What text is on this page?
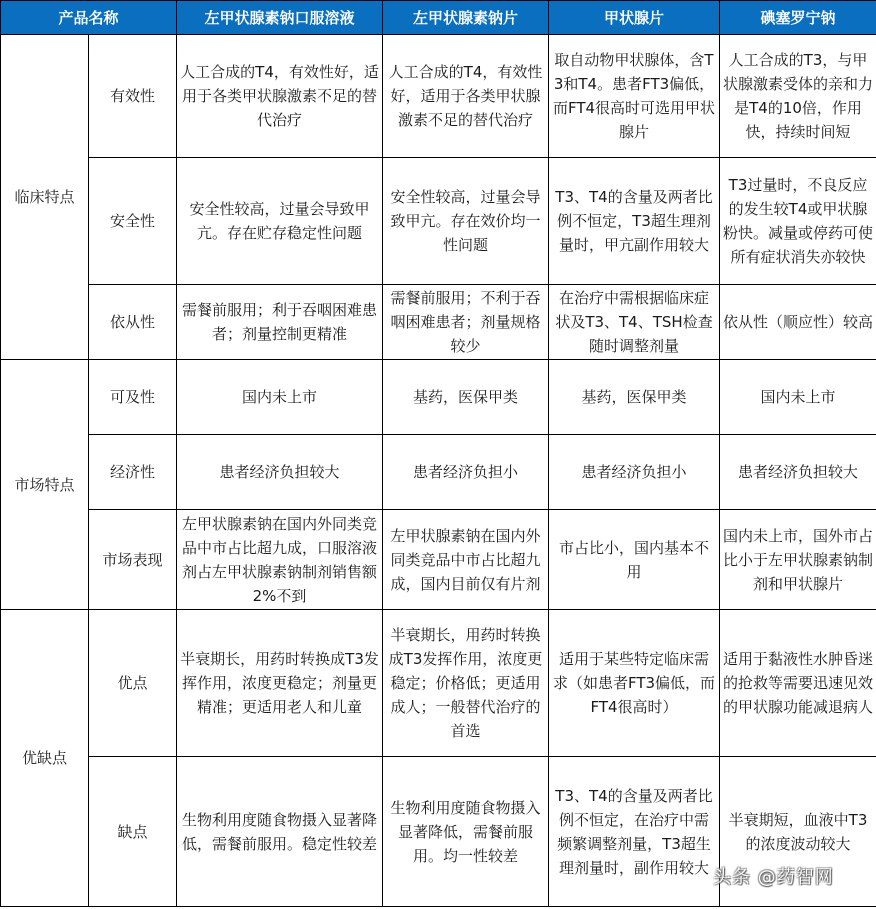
产品名称		左甲状腺素钠口服溶液	左甲状腺素钠片	甲状腺片	碘塞罗宁钠
临床特点	有效性	人工合成的T4，有效性好，适用于各类甲状腺激素不足的替代治疗	人工合成的T4，有效性好，适用于各类甲状腺激素不足的替代治疗	取自动物甲状腺体，含T3和T4。患者FT3偏低，而FT4很高时可选用甲状腺片	人工合成的T3，与甲状腺激素受体的亲和力是T4的10倍，作用快，持续时间短
	安全性	安全性较高，过量会导致甲亢。存在贮存稳定性问题	安全性较高，过量会导致甲亢。存在效价均一性问题	T3、T4的含量及两者比例不恒定，T3超生理剂量时，甲亢副作用较大	T3过量时，不良反应的发生较T4或甲状腺粉快。减量或停药可使所有症状消失亦较快
	依从性	需餐前服用；利于吞咽困难患者；剂量控制更精准	需餐前服用；不利于吞咽困难患者；剂量规格较少	在治疗中需根据临床症状及T3、T4、TSH检查随时调整剂量	依从性（顺应性）较高
市场特点	可及性	国内未上市	基药，医保甲类	基药，医保甲类	国内未上市
	经济性	患者经济负担较大	患者经济负担小	患者经济负担小	患者经济负担较大
	市场表现	左甲状腺素钠在国内外同类竞品中市占比超九成，口服溶液剂占左甲状腺素钠制剂销售额2%不到	左甲状腺素钠在国内外同类竞品中市占比超九成，国内目前仅有片剂	市占比小，国内基本不用	国内未上市，国外市占比小于左甲状腺素钠制剂和甲状腺片
优缺点	优点	半衰期长，用药时转换成T3发挥作用，浓度更稳定；剂量更精准；更适用老人和儿童	半衰期长，用药时转换成T3发挥作用，浓度更稳定；价格低；更适用成人；一般替代治疗的首选	适用于某些特定临床需求（如患者FT3偏低，而FT4很高时）	适用于黏液性水肿昏迷的抢救等需要迅速见效的甲状腺功能减退病人
	缺点	生物利用度随食物摄入显著降低，需餐前服用。稳定性较差	生物利用度随食物摄入显著降低，需餐前服用。均一性较差	T3、T4的含量及两者比例不恒定，在治疗中需频繁调整剂量，T3超生理剂量时，副作用较大	半衰期短，血液中T3的浓度波动较大
头条 @药智网
